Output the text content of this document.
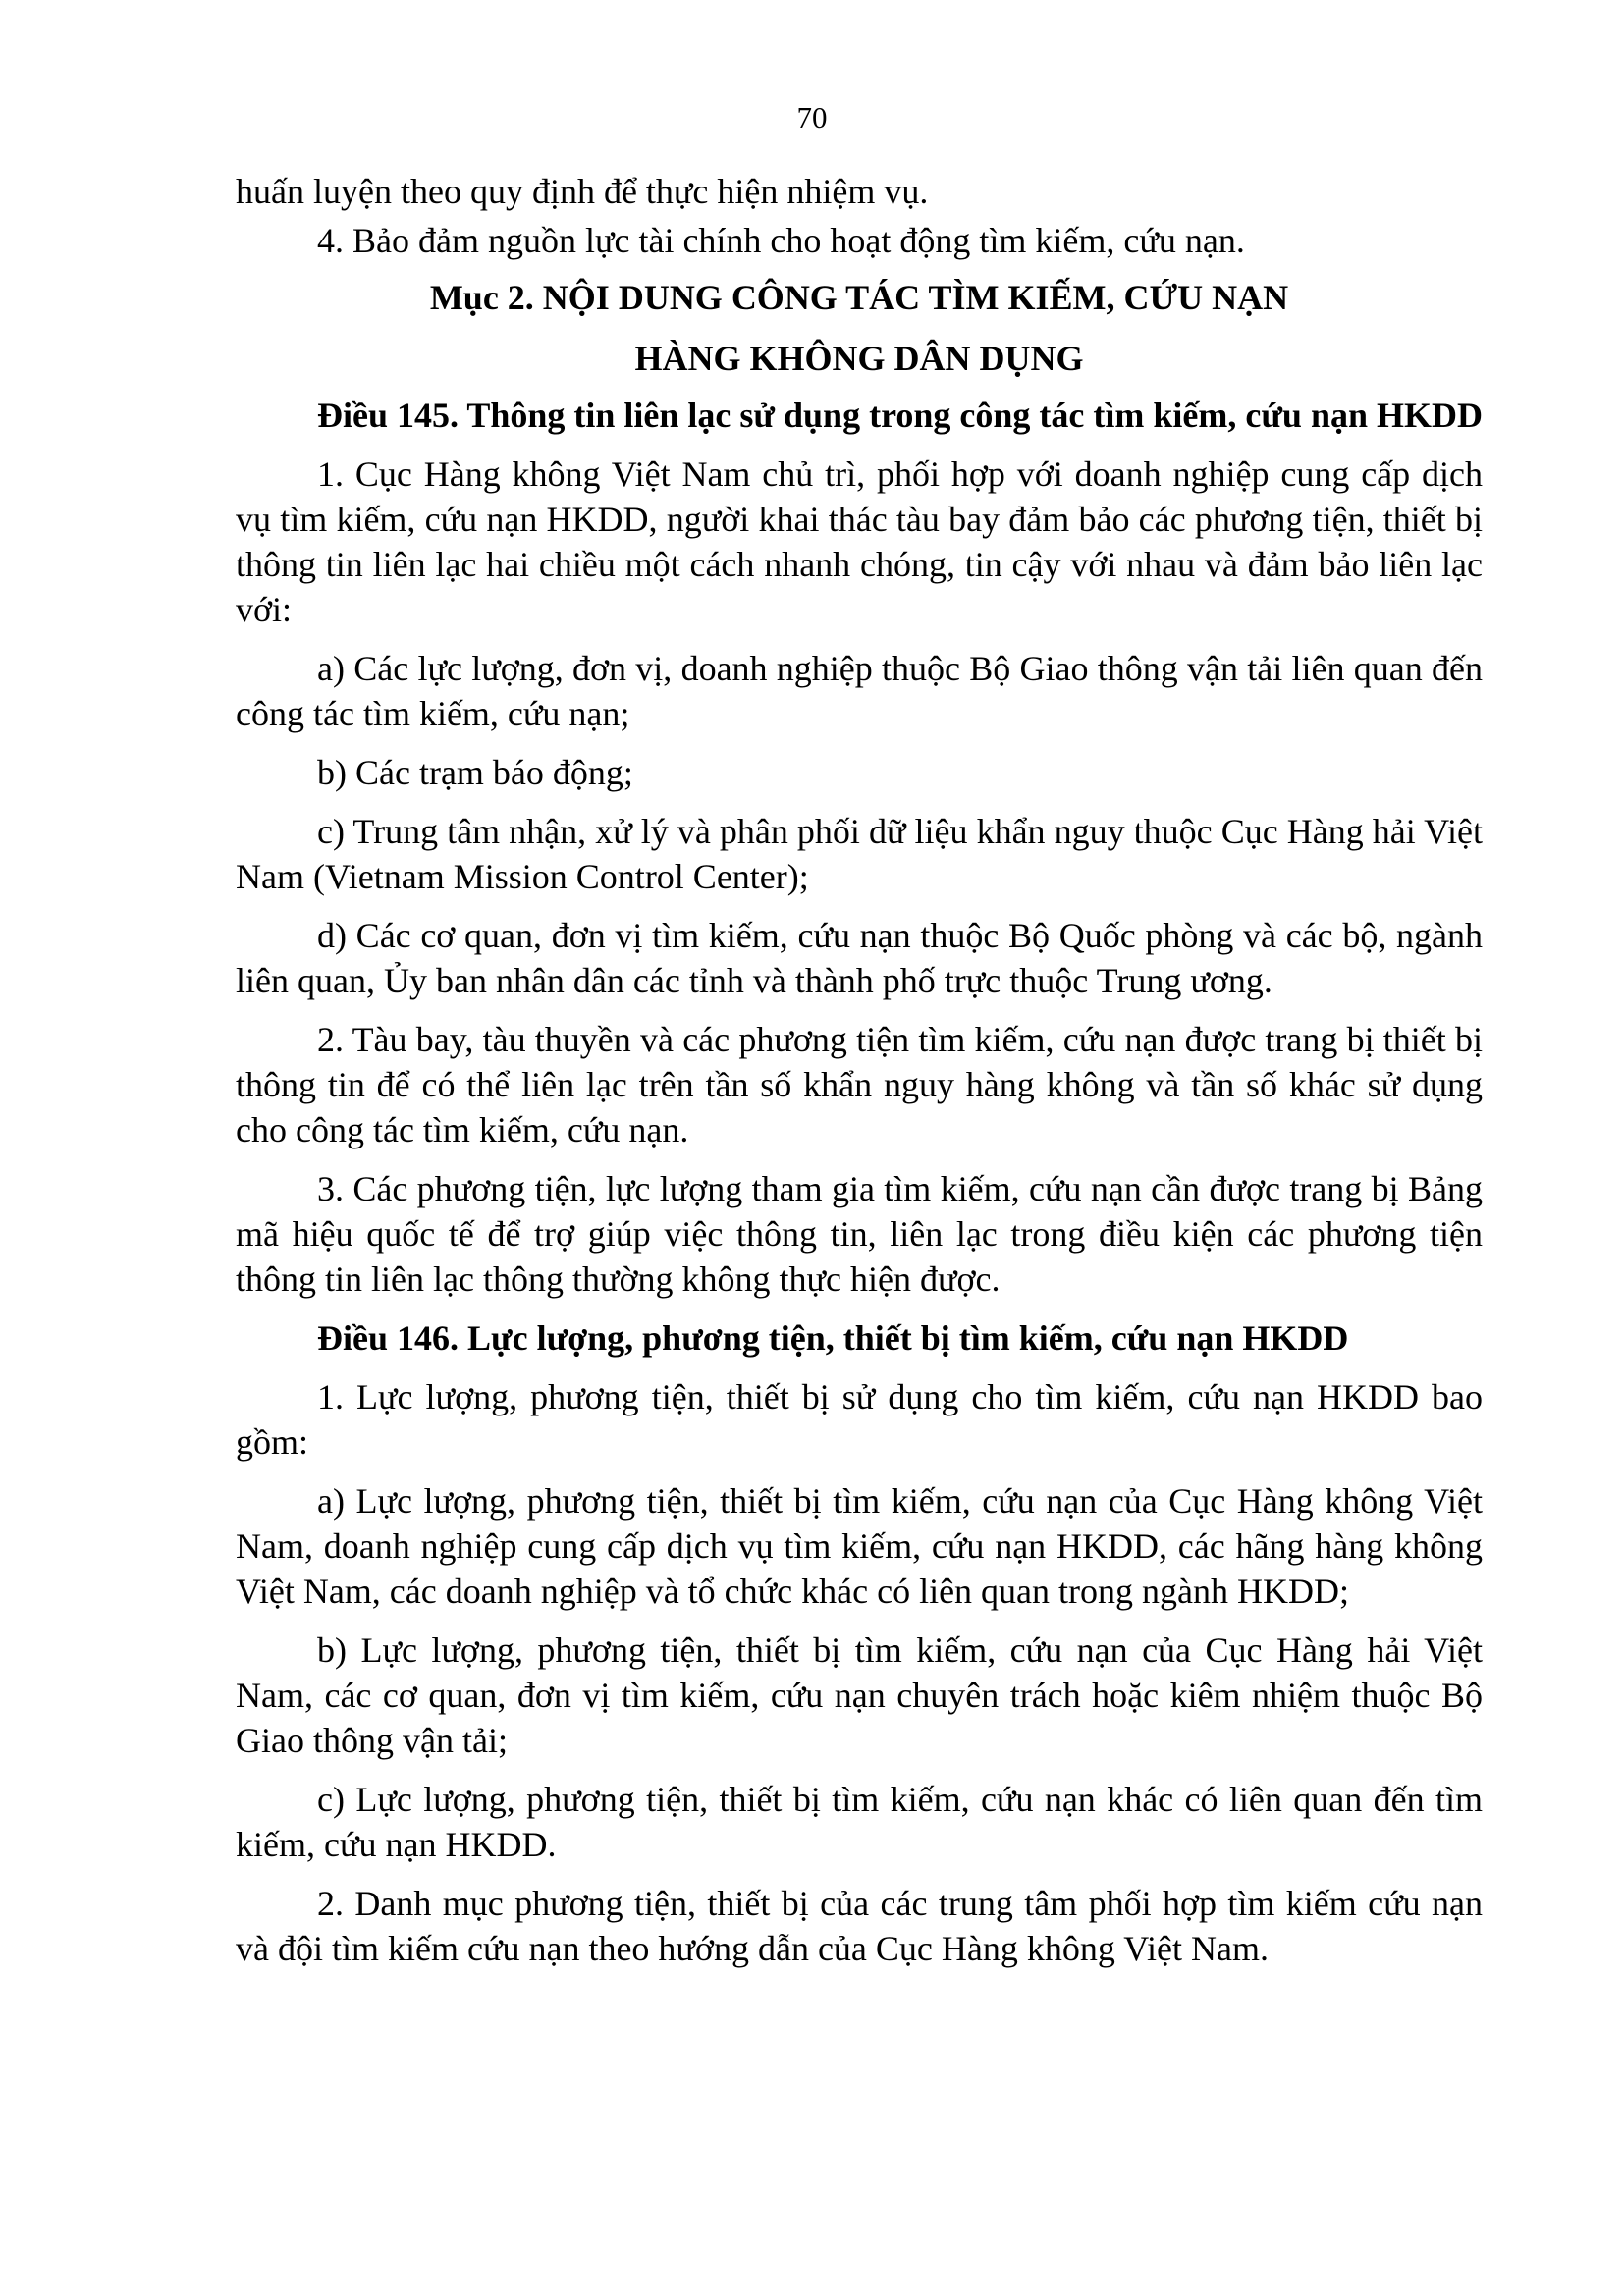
70

huấn luyện theo quy định để thực hiện nhiệm vụ.

4. Bảo đảm nguồn lực tài chính cho hoạt động tìm kiếm, cứu nạn.

Mục 2. NỘI DUNG CÔNG TÁC TÌM KIẾM, CỨU NẠN

HÀNG KHÔNG DÂN DỤNG

Điều 145. Thông tin liên lạc sử dụng trong công tác tìm kiếm, cứu nạn HKDD

1. Cục Hàng không Việt Nam chủ trì, phối hợp với doanh nghiệp cung cấp dịch vụ tìm kiếm, cứu nạn HKDD, người khai thác tàu bay đảm bảo các phương tiện, thiết bị thông tin liên lạc hai chiều một cách nhanh chóng, tin cậy với nhau và đảm bảo liên lạc với:

a) Các lực lượng, đơn vị, doanh nghiệp thuộc Bộ Giao thông vận tải liên quan đến công tác tìm kiếm, cứu nạn;

b) Các trạm báo động;

c) Trung tâm nhận, xử lý và phân phối dữ liệu khẩn nguy thuộc Cục Hàng hải Việt Nam (Vietnam Mission Control Center);

d) Các cơ quan, đơn vị tìm kiếm, cứu nạn thuộc Bộ Quốc phòng và các bộ, ngành liên quan, Ủy ban nhân dân các tỉnh và thành phố trực thuộc Trung ương.

2. Tàu bay, tàu thuyền và các phương tiện tìm kiếm, cứu nạn được trang bị thiết bị thông tin để có thể liên lạc trên tần số khẩn nguy hàng không và tần số khác sử dụng cho công tác tìm kiếm, cứu nạn.

3. Các phương tiện, lực lượng tham gia tìm kiếm, cứu nạn cần được trang bị Bảng mã hiệu quốc tế để trợ giúp việc thông tin, liên lạc trong điều kiện các phương tiện thông tin liên lạc thông thường không thực hiện được.

Điều 146. Lực lượng, phương tiện, thiết bị tìm kiếm, cứu nạn HKDD

1. Lực lượng, phương tiện, thiết bị sử dụng cho tìm kiếm, cứu nạn HKDD bao gồm:

a) Lực lượng, phương tiện, thiết bị tìm kiếm, cứu nạn của Cục Hàng không Việt Nam, doanh nghiệp cung cấp dịch vụ tìm kiếm, cứu nạn HKDD, các hãng hàng không Việt Nam, các doanh nghiệp và tổ chức khác có liên quan trong ngành HKDD;

b) Lực lượng, phương tiện, thiết bị tìm kiếm, cứu nạn của Cục Hàng hải Việt Nam, các cơ quan, đơn vị tìm kiếm, cứu nạn chuyên trách hoặc kiêm nhiệm thuộc Bộ Giao thông vận tải;

c) Lực lượng, phương tiện, thiết bị tìm kiếm, cứu nạn khác có liên quan đến tìm kiếm, cứu nạn HKDD.

2. Danh mục phương tiện, thiết bị của các trung tâm phối hợp tìm kiếm cứu nạn và đội tìm kiếm cứu nạn theo hướng dẫn của Cục Hàng không Việt Nam.
